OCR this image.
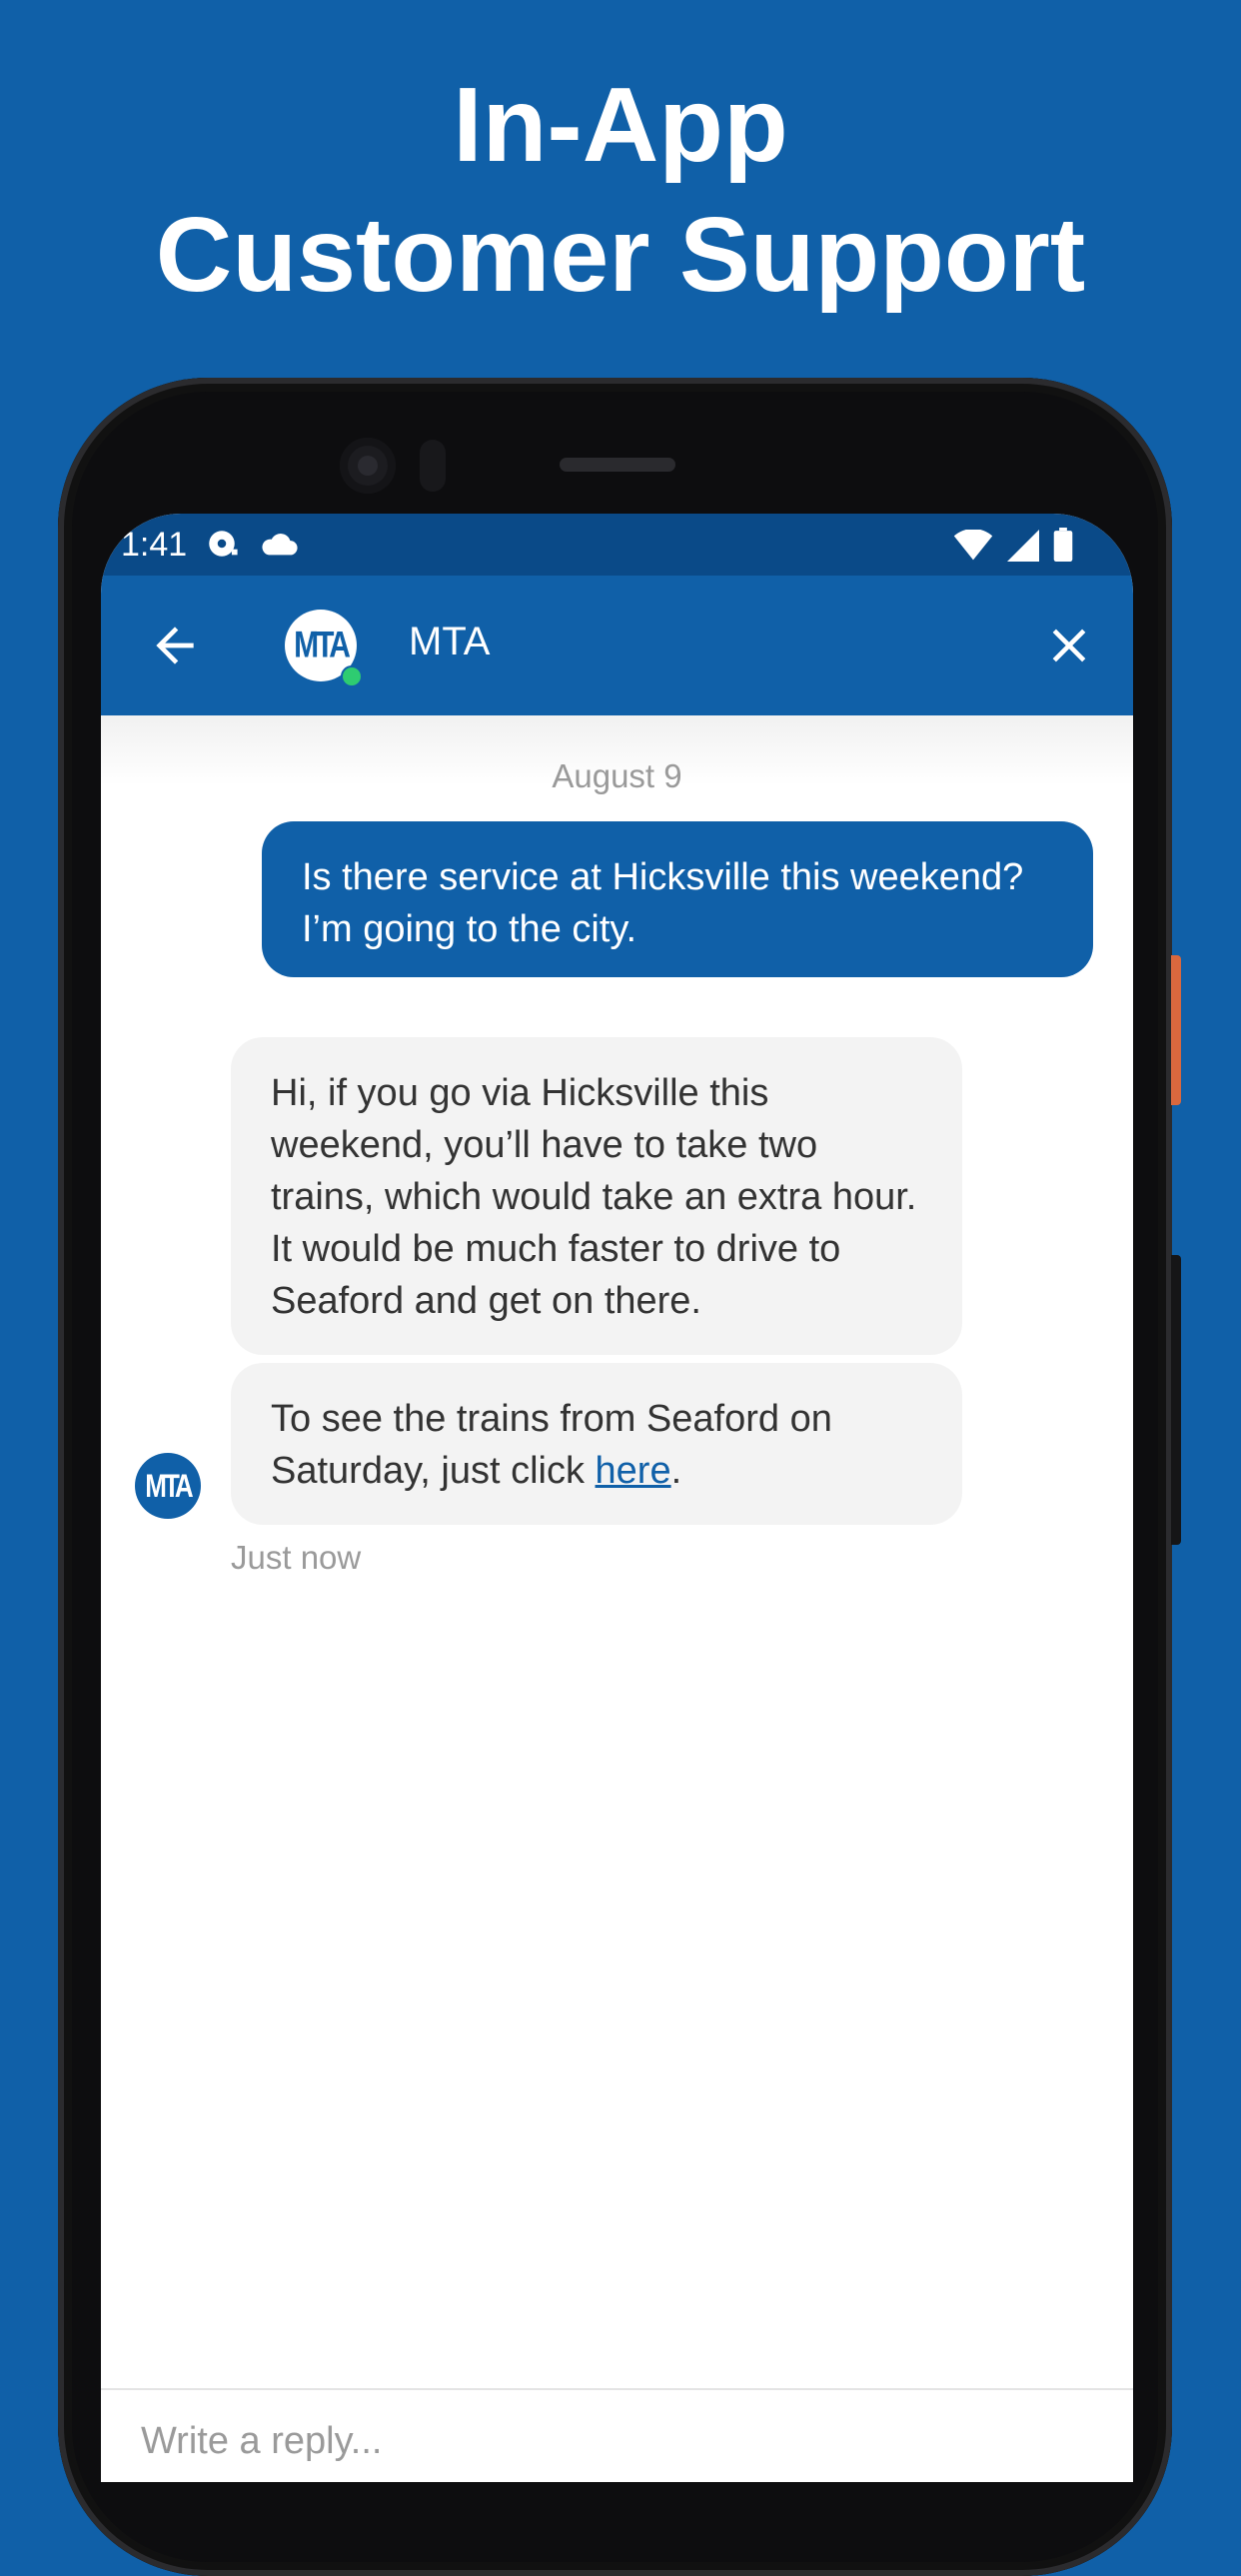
In-App
Customer Support
1:41

MTA MTA
August 9
Is there service at Hicksville this weekend? I’m going to the city.
Hi, if you go via Hicksville this weekend, you’ll have to take two trains, which would take an extra hour. It would be much faster to drive to Seaford and get on there.
To see the trains from Seaford on Saturday, just click here.
MTA
Just now
Write a reply...
